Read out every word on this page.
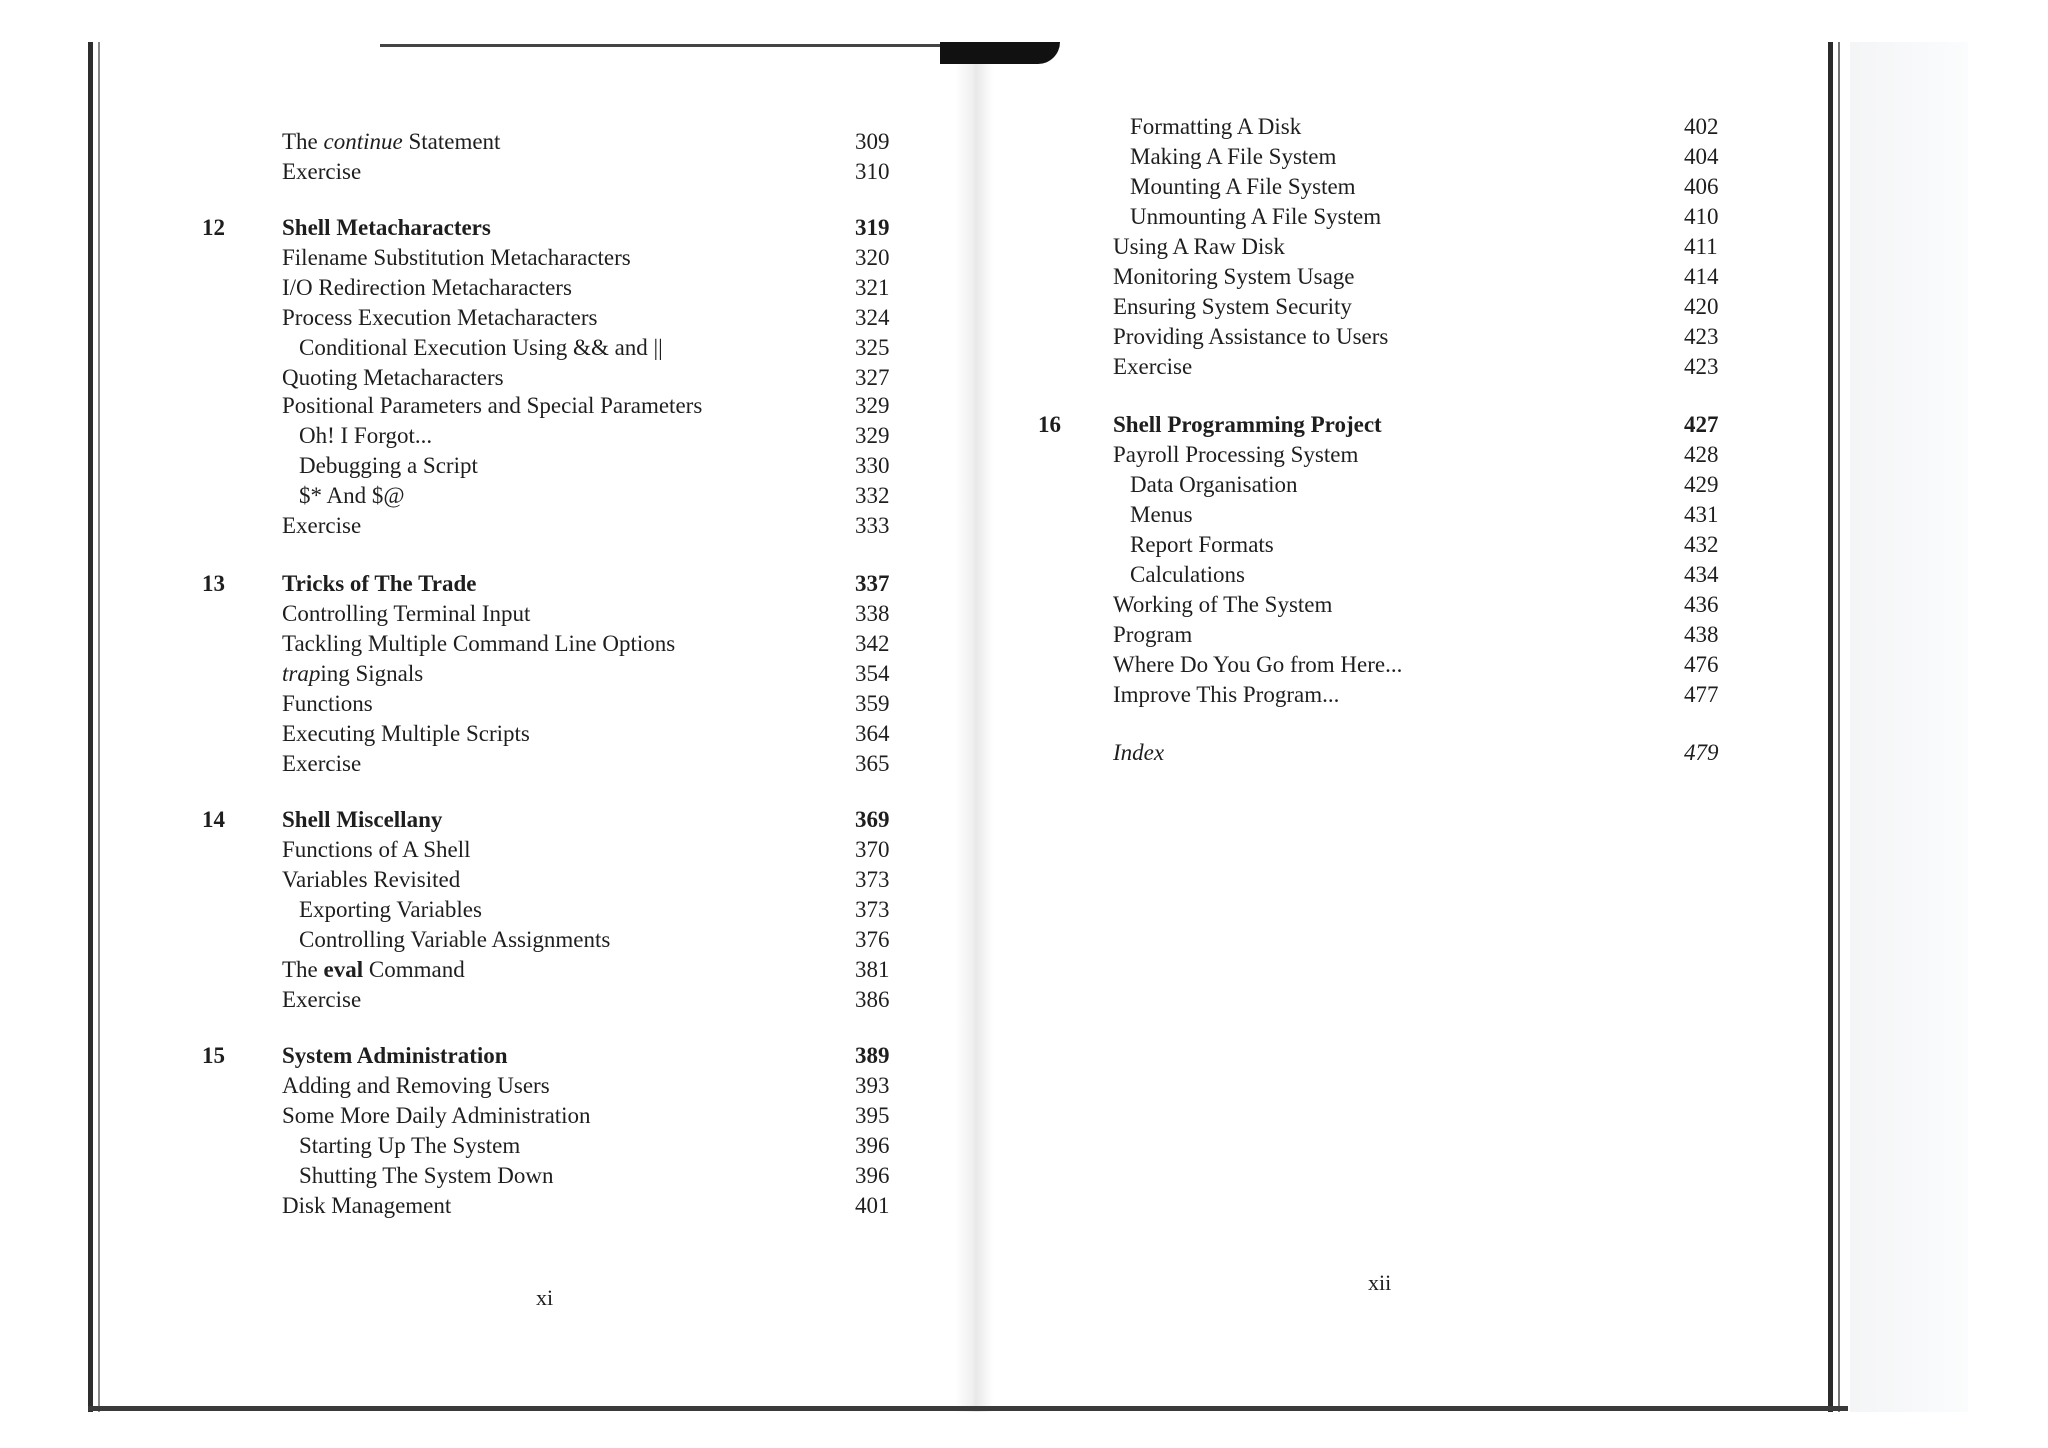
The continue Statement	309
Exercise	310
12 Shell Metacharacters	319
Filename Substitution Metacharacters	320
I/O Redirection Metacharacters	321
Process Execution Metacharacters	324
Conditional Execution Using && and ||	325
Quoting Metacharacters	327
Positional Parameters and Special Parameters	329
Oh! I Forgot...	329
Debugging a Script	330
$* And $@	332
Exercise	333
13 Tricks of The Trade	337
Controlling Terminal Input	338
Tackling Multiple Command Line Options	342
traping Signals	354
Functions	359
Executing Multiple Scripts	364
Exercise	365
14 Shell Miscellany	369
Functions of A Shell	370
Variables Revisited	373
Exporting Variables	373
Controlling Variable Assignments	376
The eval Command	381
Exercise	386
15 System Administration	389
Adding and Removing Users	393
Some More Daily Administration	395
Starting Up The System	396
Shutting The System Down	396
Disk Management	401
Formatting A Disk	402
Making A File System	404
Mounting A File System	406
Unmounting A File System	410
Using A Raw Disk	411
Monitoring System Usage	414
Ensuring System Security	420
Providing Assistance to Users	423
Exercise	423
16 Shell Programming Project	427
Payroll Processing System	428
Data Organisation	429
Menus	431
Report Formats	432
Calculations	434
Working of The System	436
Program	438
Where Do You Go from Here...	476
Improve This Program...	477
Index	479
xi
xii
